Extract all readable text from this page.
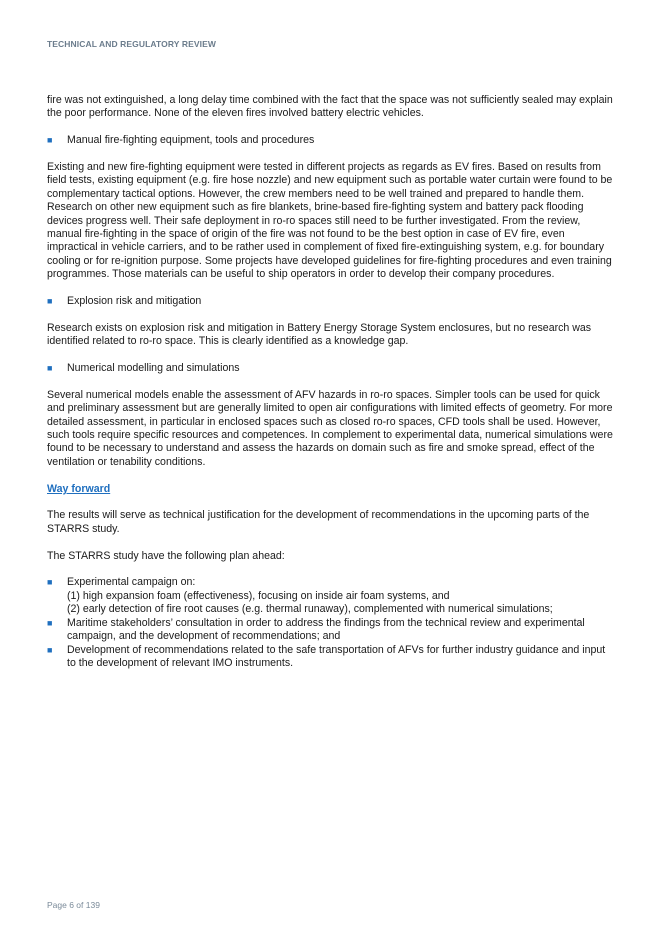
TECHNICAL AND REGULATORY REVIEW

fire was not extinguished, a long delay time combined with the fact that the space was not sufficiently sealed may explain the poor performance. None of the eleven fires involved battery electric vehicles.

■	Manual fire-fighting equipment, tools and procedures

Existing and new fire-fighting equipment were tested in different projects as regards as EV fires. Based on results from field tests, existing equipment (e.g. fire hose nozzle) and new equipment such as portable water curtain were found to be complementary tactical options. However, the crew members need to be well trained and prepared to handle them. Research on other new equipment such as fire blankets, brine-based fire-fighting system and battery pack flooding devices progress well. Their safe deployment in ro-ro spaces still need to be further investigated. From the review, manual fire-fighting in the space of origin of the fire was not found to be the best option in case of EV fire, even impractical in vehicle carriers, and to be rather used in complement of fixed fire-extinguishing system, e.g. for boundary cooling or for re-ignition purpose. Some projects have developed guidelines for fire-fighting procedures and even training programmes. Those materials can be useful to ship operators in order to develop their company procedures.

■	Explosion risk and mitigation

Research exists on explosion risk and mitigation in Battery Energy Storage System enclosures, but no research was identified related to ro-ro space. This is clearly identified as a knowledge gap.

■	Numerical modelling and simulations

Several numerical models enable the assessment of AFV hazards in ro-ro spaces. Simpler tools can be used for quick and preliminary assessment but are generally limited to open air configurations with limited effects of geometry. For more detailed assessment, in particular in enclosed spaces such as closed ro-ro spaces, CFD tools shall be used. However, such tools require specific resources and competences. In complement to experimental data, numerical simulations were found to be necessary to understand and assess the hazards on domain such as fire and smoke spread, effect of the ventilation or tenability conditions.

Way forward

The results will serve as technical justification for the development of recommendations in the upcoming parts of the STARRS study.

The STARRS study have the following plan ahead:

■	Experimental campaign on:
(1) high expansion foam (effectiveness), focusing on inside air foam systems, and
(2) early detection of fire root causes (e.g. thermal runaway), complemented with numerical simulations;
■	Maritime stakeholders’ consultation in order to address the findings from the technical review and experimental campaign, and the development of recommendations; and
■	Development of recommendations related to the safe transportation of AFVs for further industry guidance and input to the development of relevant IMO instruments.
Page 6 of 139
